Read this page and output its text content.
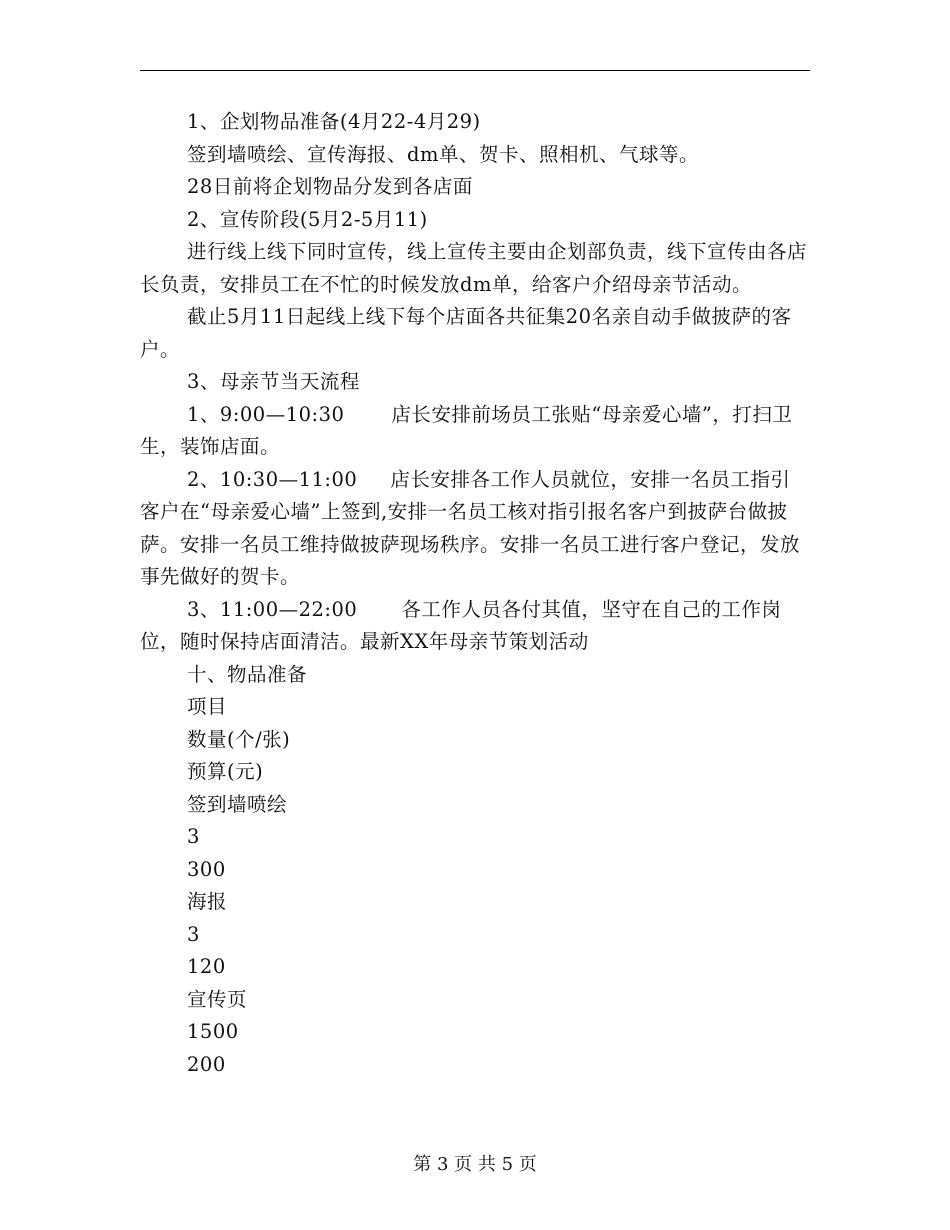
1、企划物品准备(4月22-4月29)

签到墙喷绘、宣传海报、dm单、贺卡、照相机、气球等。

28日前将企划物品分发到各店面

2、宣传阶段(5月2-5月11)

进行线上线下同时宣传，线上宣传主要由企划部负责，线下宣传由各店长负责，安排员工在不忙的时候发放dm单，给客户介绍母亲节活动。

截止5月11日起线上线下每个店面各共征集20名亲自动手做披萨的客户。

3、母亲节当天流程

1、9:00—10:30 店长安排前场员工张贴“母亲爱心墙”，打扫卫生，装饰店面。

2、10:30—11:00 店长安排各工作人员就位，安排一名员工指引客户在“母亲爱心墙”上签到,安排一名员工核对指引报名客户到披萨台做披萨。安排一名员工维持做披萨现场秩序。安排一名员工进行客户登记，发放事先做好的贺卡。

3、11:00—22:00 各工作人员各付其值，坚守在自己的工作岗位，随时保持店面清洁。最新XX年母亲节策划活动

十、物品准备

项目

数量(个/张)

预算(元)

签到墙喷绘

3

300

海报

3

120

宣传页

1500

200

第 3 页 共 5 页
